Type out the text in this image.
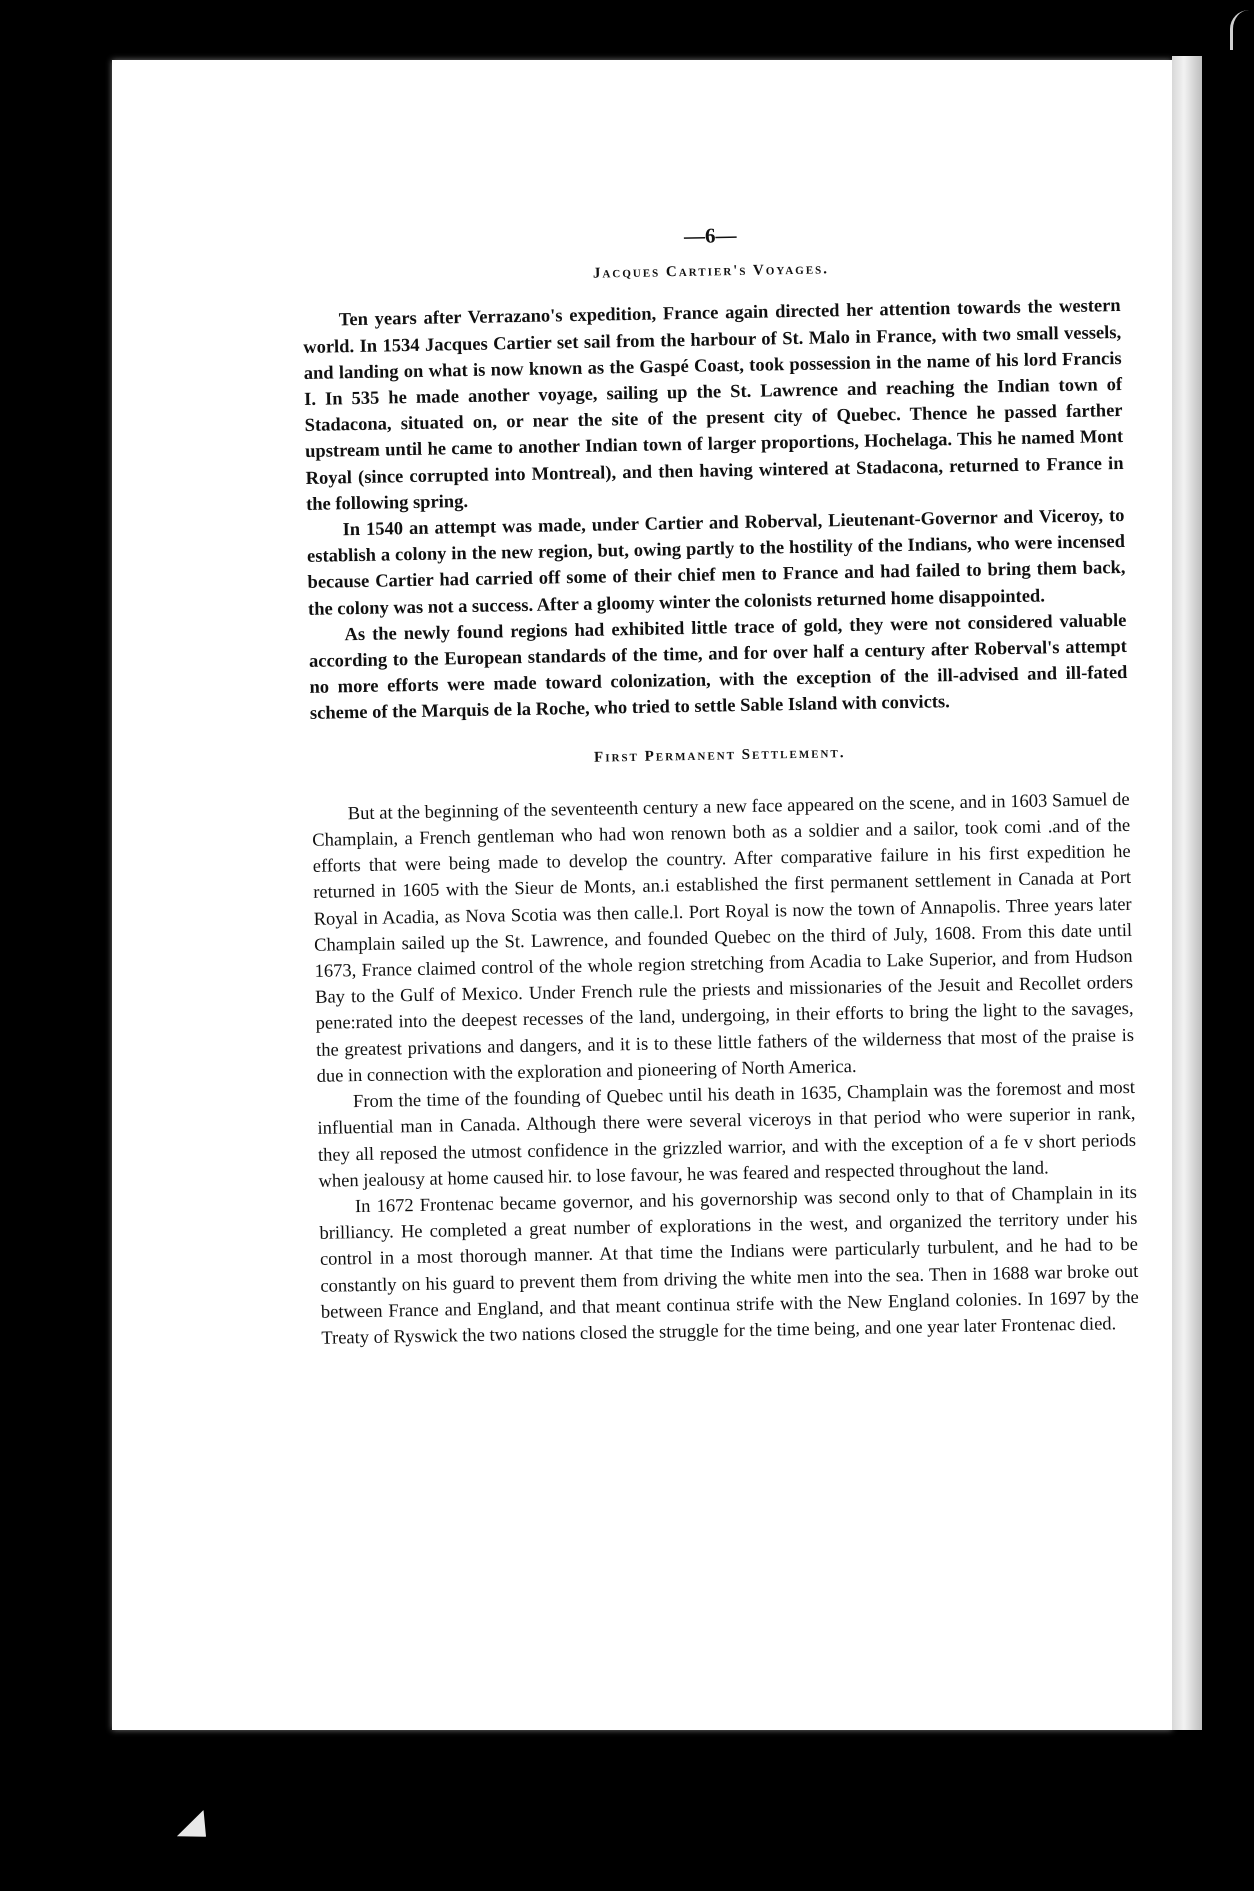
—6—
Jacques Cartier's Voyages.

Ten years after Verrazano's expedition, France again directed her attention towards the western world. In 1534 Jacques Cartier set sail from the harbour of St. Malo in France, with two small vessels, and landing on what is now known as the Gaspé Coast, took possession in the name of his lord Francis I. In 535 he made another voyage, sailing up the St. Lawrence and reaching the Indian town of Stadacona, situated on, or near the site of the present city of Quebec. Thence he passed farther upstream until he came to another Indian town of larger proportions, Hochelaga. This he named Mont Royal (since corrupted into Montreal), and then having wintered at Stadacona, returned to France in the following spring.

In 1540 an attempt was made, under Cartier and Roberval, Lieutenant-Governor and Viceroy, to establish a colony in the new region, but, owing partly to the hostility of the Indians, who were incensed because Cartier had carried off some of their chief men to France and had failed to bring them back, the colony was not a success. After a gloomy winter the colonists returned home disappointed.

As the newly found regions had exhibited little trace of gold, they were not considered valuable according to the European standards of the time, and for over half a century after Roberval's attempt no more efforts were made toward colonization, with the exception of the ill-advised and ill-fated scheme of the Marquis de la Roche, who tried to settle Sable Island with convicts.

First Permanent Settlement.

But at the beginning of the seventeenth century a new face appeared on the scene, and in 1603 Samuel de Champlain, a French gentleman who had won renown both as a soldier and a sailor, took comi .and of the efforts that were being made to develop the country. After comparative failure in his first expedition he returned in 1605 with the Sieur de Monts, an.i established the first permanent settlement in Canada at Port Royal in Acadia, as Nova Scotia was then calle.l. Port Royal is now the town of Annapolis. Three years later Champlain sailed up the St. Lawrence, and founded Quebec on the third of July, 1608. From this date until 1673, France claimed control of the whole region stretching from Acadia to Lake Superior, and from Hudson Bay to the Gulf of Mexico. Under French rule the priests and missionaries of the Jesuit and Recollet orders pene:rated into the deepest recesses of the land, undergoing, in their efforts to bring the light to the savages, the greatest privations and dangers, and it is to these little fathers of the wilderness that most of the praise is due in connection with the exploration and pioneering of North America.

From the time of the founding of Quebec until his death in 1635, Champlain was the foremost and most influential man in Canada. Although there were several viceroys in that period who were superior in rank, they all reposed the utmost confidence in the grizzled warrior, and with the exception of a fe v short periods when jealousy at home caused hir. to lose favour, he was feared and respected throughout the land.

In 1672 Frontenac became governor, and his governorship was second only to that of Champlain in its brilliancy. He completed a great number of explorations in the west, and organized the territory under his control in a most thorough manner. At that time the Indians were particularly turbulent, and he had to be constantly on his guard to prevent them from driving the white men into the sea. Then in 1688 war broke out between France and England, and that meant continua strife with the New England colonies. In 1697 by the Treaty of Ryswick the two nations closed the struggle for the time being, and one year later Frontenac died.
